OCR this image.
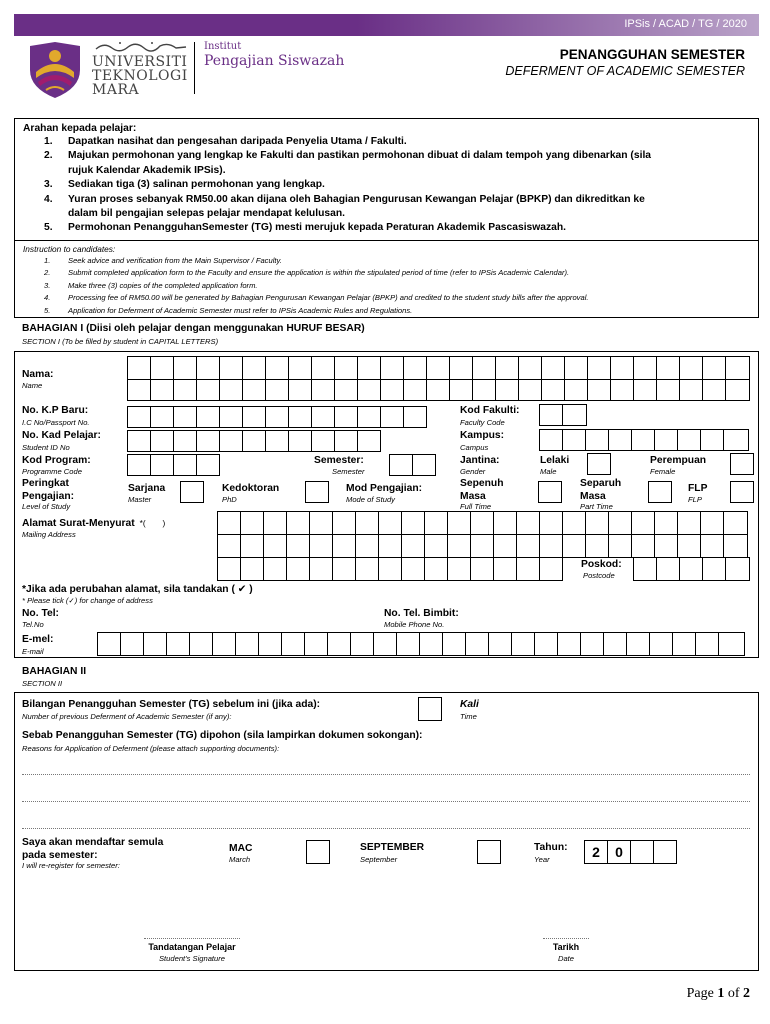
IPSis / ACAD / TG / 2020
UNIVERSITI
TEKNOLOGI
MARA
Institut
Pengajian Siswazah	PENANGGUHAN SEMESTER
DEFERMENT OF ACADEMIC SEMESTER
Arahan kepada pelajar:
1.	Dapatkan nasihat dan pengesahan daripada Penyelia Utama / Fakulti.
2.	Majukan permohonan yang lengkap ke Fakulti dan pastikan permohonan dibuat di dalam tempoh yang dibenarkan (sila
rujuk Kalendar Akademik IPSis).
3.	Sediakan tiga (3) salinan permohonan yang lengkap.
4.	Yuran proses sebanyak RM50.00 akan dijana oleh Bahagian Pengurusan Kewangan Pelajar (BPKP) dan dikreditkan ke
dalam bil pengajian selepas pelajar mendapat kelulusan.
5.	Permohonan PenangguhanSemester (TG) mesti merujuk kepada Peraturan Akademik Pascasiswazah.
Instruction to candidates:
1.	Seek advice and verification from the Main Supervisor / Faculty.
2.	Submit completed application form to the Faculty and ensure the application is within the stipulated period of time (refer to IPSis Academic Calendar).
3.	Make three (3) copies of the completed application form.
4.	Processing fee of RM50.00 will be generated by Bahagian Pengurusan Kewangan Pelajar (BPKP) and credited to the student study bills after the approval.
5.	Application for Deferment of Academic Semester must refer to IPSis Academic Rules and Regulations.
BAHAGIAN I (Diisi oleh pelajar dengan menggunakan HURUF BESAR)
SECTION I (To be filled by student in CAPITAL LETTERS)
Nama:
Name
No. K.P Baru:
I.C No/Passport No.
Kod Fakulti:
Faculty Code
No. Kad Pelajar:
Student ID No
Kampus:
Campus
Kod Program:
Programme Code
Semester:
Semester
Jantina:
Gender
Lelaki
Male
Perempuan
Female
Peringkat
Pengajian:
Level of Study
Sarjana
Master
Kedoktoran
PhD
Mod Pengajian:
Mode of Study
Sepenuh
Masa
Full Time
Separuh
Masa
Part Time
FLP
FLP
Alamat Surat-Menyurat *( )
Mailing Address
Poskod:
Postcode
*Jika ada perubahan alamat, sila tandakan ( ✔ )
* Please tick (✓) for change of address
No. Tel:
Tel.No
No. Tel. Bimbit:
Mobile Phone No.
E-mel:
E-mail
BAHAGIAN II
SECTION II
Bilangan Penangguhan Semester (TG) sebelum ini (jika ada):
Number of previous Deferment of Academic Semester (if any):
Kali
Time
Sebab Penangguhan Semester (TG) dipohon (sila lampirkan dokumen sokongan):
Reasons for Application of Deferment (please attach supporting documents):
Saya akan mendaftar semula
pada semester:
I will re-register for semester:
MAC
March
SEPTEMBER
September
Tahun:
Year	2	0
Tandatangan Pelajar
Student's Signature
Tarikh
Date
Page 1 of 2
